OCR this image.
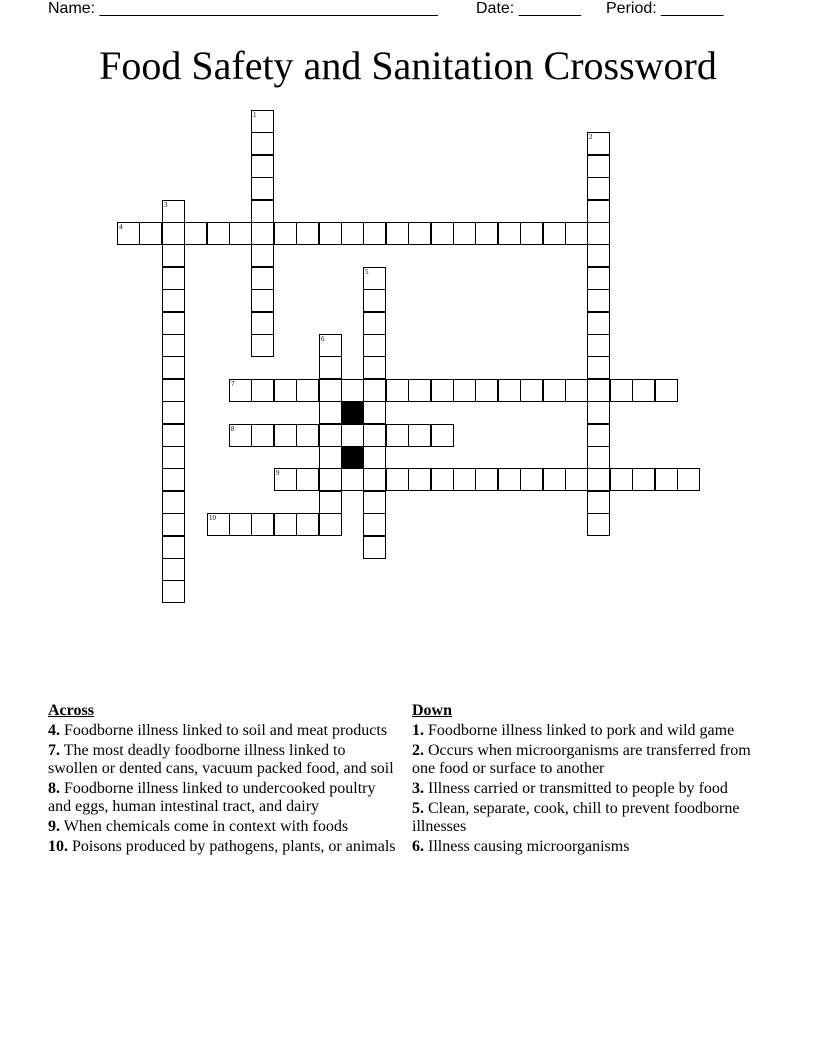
Name: ______________________________________ Date: _______ Period: _______
Food Safety and Sanitation Crossword
1
2
3
4
5
6
7
8
9
10
Across
4. Foodborne illness linked to soil and meat products
7. The most deadly foodborne illness linked to swollen or dented cans, vacuum packed food, and soil
8. Foodborne illness linked to undercooked poultry and eggs, human intestinal tract, and dairy
9. When chemicals come in context with foods
10. Poisons produced by pathogens, plants, or animals
Down
1. Foodborne illness linked to pork and wild game
2. Occurs when microorganisms are transferred from one food or surface to another
3. Illness carried or transmitted to people by food
5. Clean, separate, cook, chill to prevent foodborne illnesses
6. Illness causing microorganisms
